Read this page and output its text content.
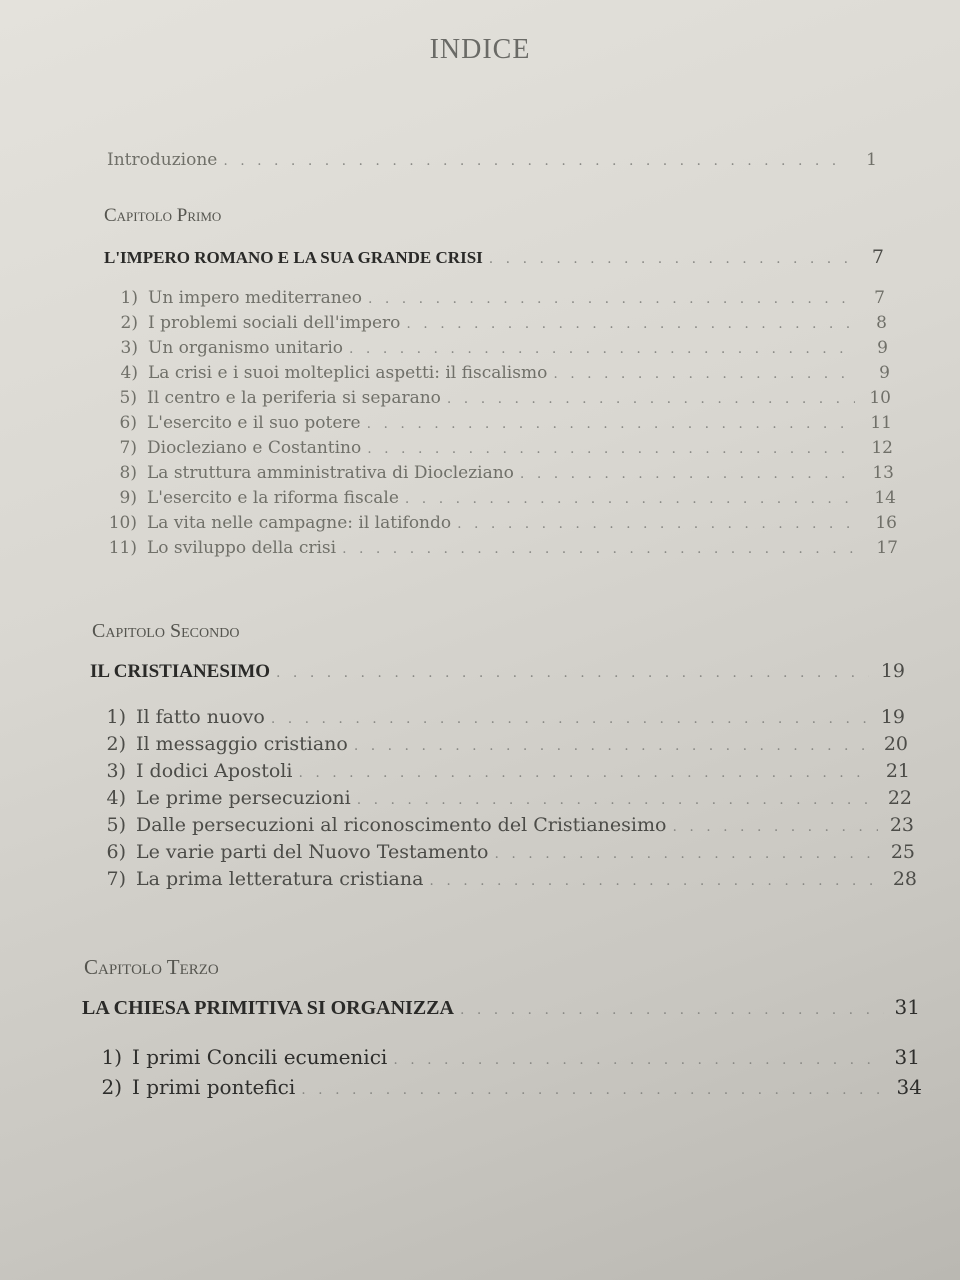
INDICE
Introduzione . . .	1
Capitolo Primo
L'IMPERO ROMANO E LA SUA GRANDE CRISI . . .	7
1) Un impero mediterraneo . . .	7
2) I problemi sociali dell'impero . . .	8
3) Un organismo unitario . . .	9
4) La crisi e i suoi molteplici aspetti: il fiscalismo . . .	9
5) Il centro e la periferia si separano . . .	10
6) L'esercito e il suo potere . . .	11
7) Diocleziano e Costantino . . .	12
8) La struttura amministrativa di Diocleziano . . .	13
9) L'esercito e la riforma fiscale . . .	14
10) La vita nelle campagne: il latifondo . . .	16
11) Lo sviluppo della crisi . . .	17
Capitolo Secondo
IL CRISTIANESIMO . . .	19
1) Il fatto nuovo . . .	19
2) Il messaggio cristiano . . .	20
3) I dodici Apostoli . . .	21
4) Le prime persecuzioni . . .	22
5) Dalle persecuzioni al riconoscimento del Cristianesimo . . .	23
6) Le varie parti del Nuovo Testamento . . .	25
7) La prima letteratura cristiana . . .	28
Capitolo Terzo
LA CHIESA PRIMITIVA SI ORGANIZZA . . .	31
1) I primi Concili ecumenici . . .	31
2) I primi pontefici . . .	34
